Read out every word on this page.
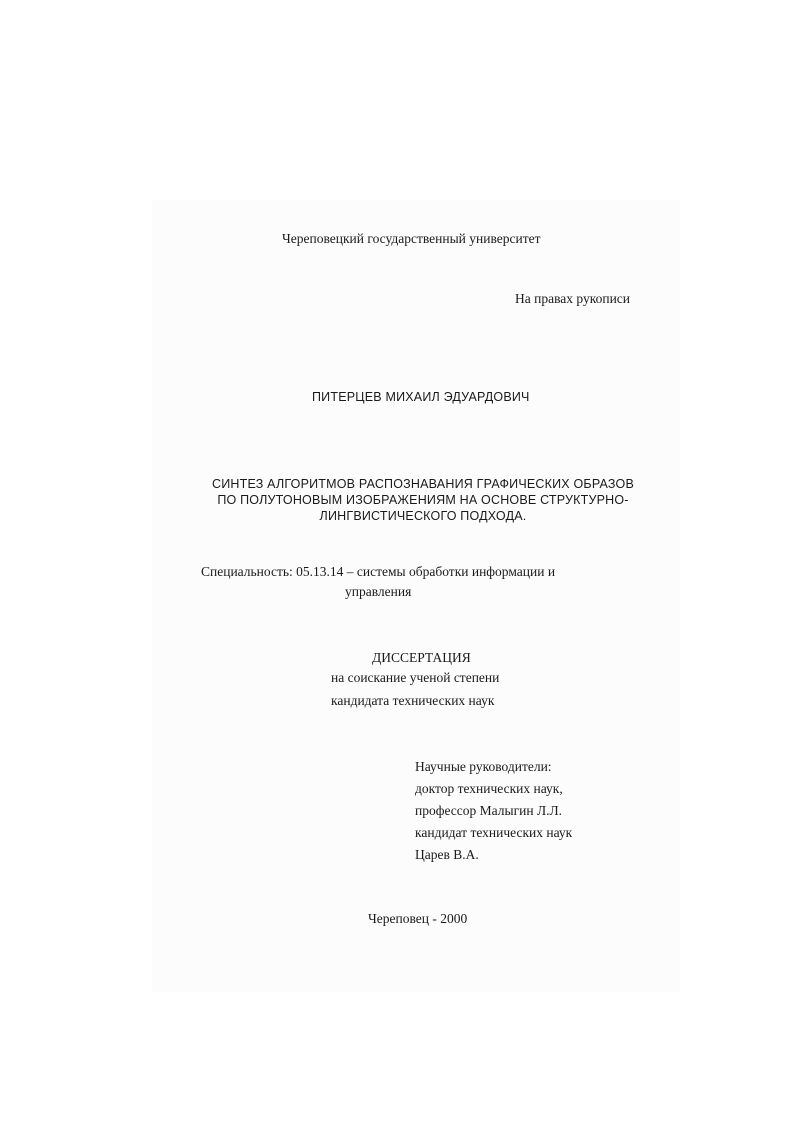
Череповецкий государственный университет
На правах рукописи
ПИТЕРЦЕВ МИХАИЛ ЭДУАРДОВИЧ
СИНТЕЗ АЛГОРИТМОВ РАСПОЗНАВАНИЯ ГРАФИЧЕСКИХ ОБРАЗОВ
ПО ПОЛУТОНОВЫМ ИЗОБРАЖЕНИЯМ НА ОСНОВЕ СТРУКТУРНО-
ЛИНГВИСТИЧЕСКОГО ПОДХОДА.
Специальность: 05.13.14 – системы обработки информации и
управления
ДИССЕРТАЦИЯ
на соискание ученой степени
кандидата технических наук
Научные руководители:
доктор технических наук,
профессор Малыгин Л.Л.
кандидат технических наук
Царев В.А.
Череповец - 2000
